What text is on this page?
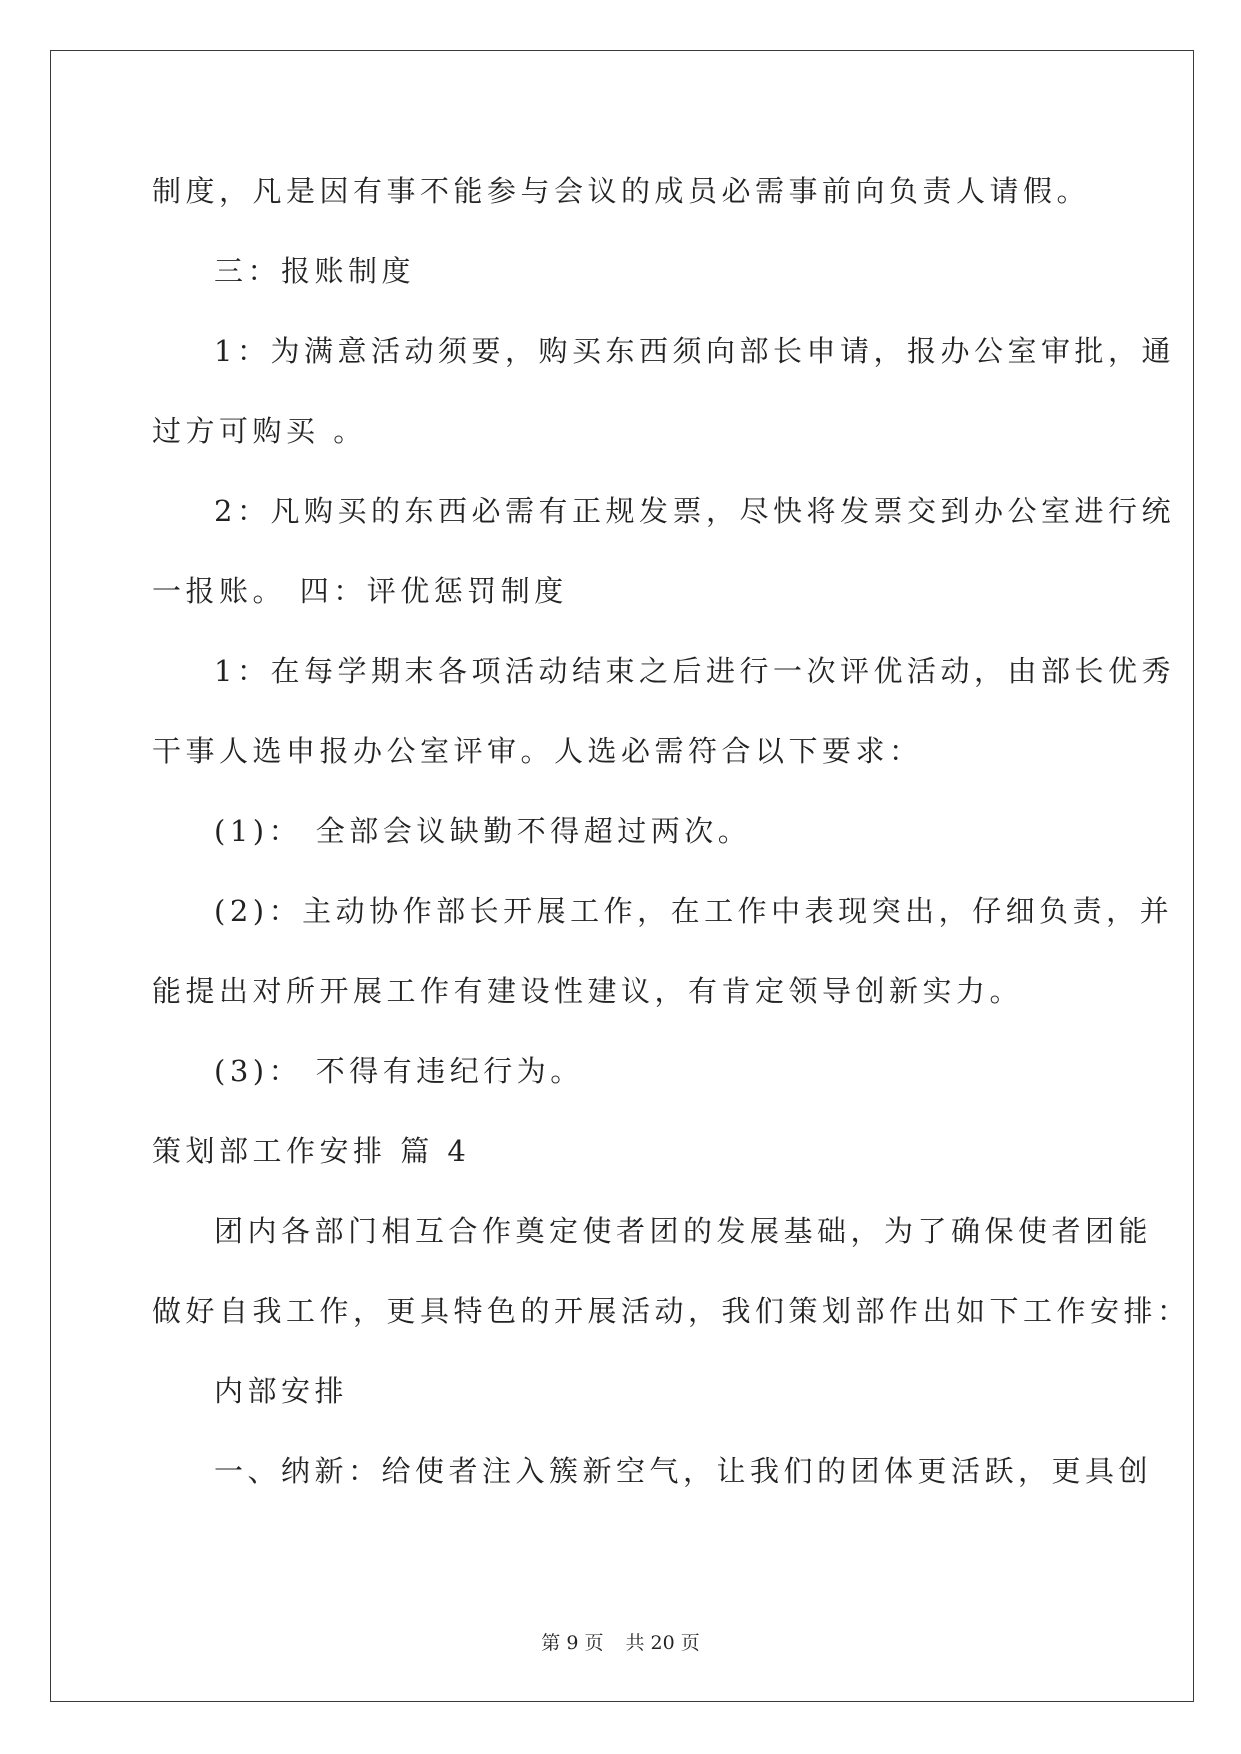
制度，凡是因有事不能参与会议的成员必需事前向负责人请假。
三：报账制度
1：为满意活动须要，购买东西须向部长申请，报办公室审批，通
过方可购买 。
2：凡购买的东西必需有正规发票，尽快将发票交到办公室进行统
一报账。 四：评优惩罚制度
1：在每学期末各项活动结束之后进行一次评优活动，由部长优秀
干事人选申报办公室评审。人选必需符合以下要求：
(1)： 全部会议缺勤不得超过两次。
(2)：主动协作部长开展工作，在工作中表现突出，仔细负责，并
能提出对所开展工作有建设性建议，有肯定领导创新实力。
(3)： 不得有违纪行为。
策划部工作安排 篇 4
团内各部门相互合作奠定使者团的发展基础，为了确保使者团能
做好自我工作，更具特色的开展活动，我们策划部作出如下工作安排：
内部安排
一、纳新：给使者注入簇新空气，让我们的团体更活跃，更具创
第 9 页 共 20 页
